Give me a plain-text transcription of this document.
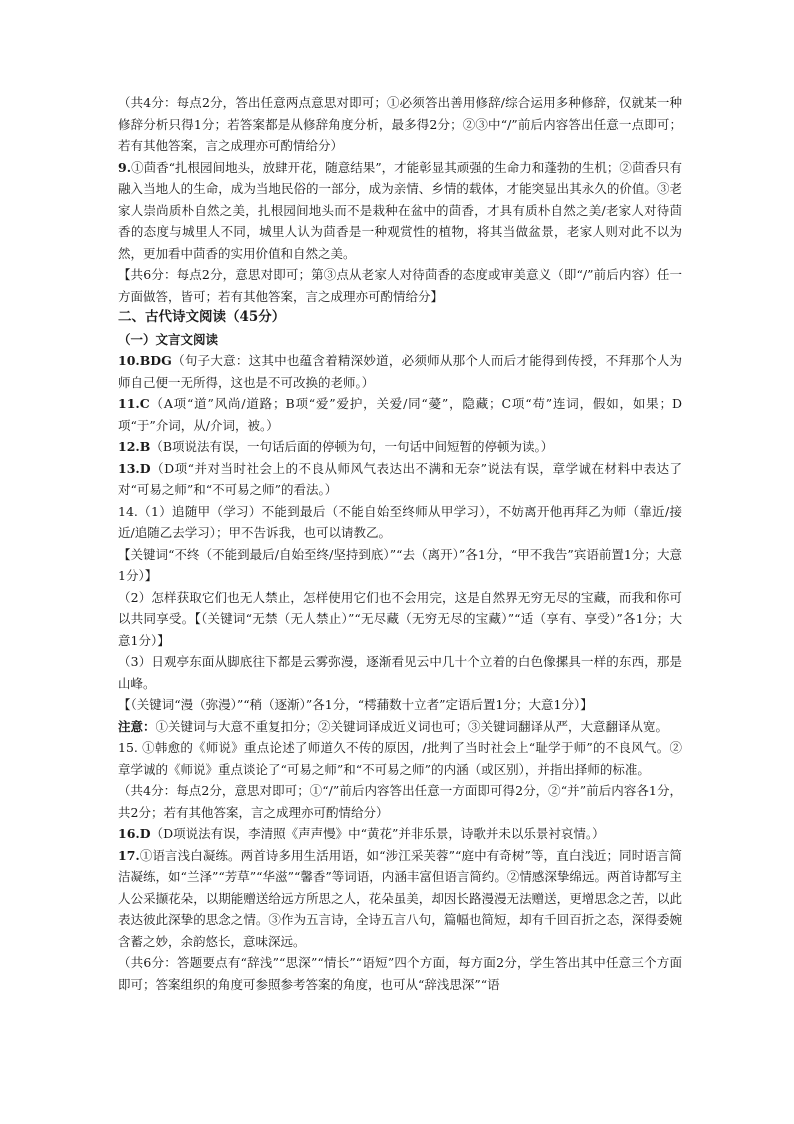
（共4分：每点2分，答出任意两点意思对即可；①必须答出善用修辞/综合运用多种修辞，仅就某一种修辞分析只得1分；若答案都是从修辞角度分析，最多得2分；②③中“/”前后内容答出任意一点即可；若有其他答案，言之成理亦可酌情给分）

9.①茴香“扎根园间地头，放肆开花，随意结果”，才能彰显其顽强的生命力和蓬勃的生机；②茴香只有融入当地人的生命，成为当地民俗的一部分，成为亲情、乡情的载体，才能突显出其永久的价值。③老家人崇尚质朴自然之美，扎根园间地头而不是栽种在盆中的茴香，才具有质朴自然之美/老家人对待茴香的态度与城里人不同，城里人认为茴香是一种观赏性的植物，将其当做盆景，老家人则对此不以为然，更加看中茴香的实用价值和自然之美。

【共6分：每点2分，意思对即可；第③点从老家人对待茴香的态度或审美意义（即“/”前后内容）任一方面做答，皆可；若有其他答案，言之成理亦可酌情给分】

二、古代诗文阅读（45分）

（一）文言文阅读

10.BDG（句子大意：这其中也蕴含着精深妙道，必须师从那个人而后才能得到传授，不拜那个人为师自己便一无所得，这也是不可改换的老师。）

11.C（A项“道”风尚/道路；B项“爱”爱护，关爱/同“薆”，隐藏；C项“苟”连词，假如，如果；D项“于”介词，从/介词，被。）

12.B（B项说法有误，一句话后面的停顿为句，一句话中间短暂的停顿为读。）

13.D（D项“并对当时社会上的不良从师风气表达出不满和无奈”说法有误，章学诚在材料中表达了对“可易之师”和“不可易之师”的看法。）

14.（1）追随甲（学习）不能到最后（不能自始至终师从甲学习），不妨离开他再拜乙为师（靠近/接近/追随乙去学习）；甲不告诉我，也可以请教乙。

【关键词“不终（不能到最后/自始至终/坚持到底）”“去（离开）”各1分，“甲不我告”宾语前置1分；大意1分）】

（2）怎样获取它们也无人禁止，怎样使用它们也不会用完，这是自然界无穷无尽的宝藏，而我和你可以共同享受。【（关键词“无禁（无人禁止）”“无尽藏（无穷无尽的宝藏）”“适（享有、享受）”各1分；大意1分）】

（3）日观亭东面从脚底往下都是云雾弥漫，逐渐看见云中几十个立着的白色像摞具一样的东西，那是山峰。

【（关键词“漫（弥漫）”“稍（逐渐）”各1分，“樗蒱数十立者”定语后置1分；大意1分）】

注意：①关键词与大意不重复扣分；②关键词译成近义词也可；③关键词翻译从严，大意翻译从宽。

15. ①韩愈的《师说》重点论述了师道久不传的原因，/批判了当时社会上“耻学于师”的不良风气。②章学诚的《师说》重点谈论了“可易之师”和“不可易之师”的内涵（或区别），并指出择师的标准。

（共4分：每点2分，意思对即可；①“/”前后内容答出任意一方面即可得2分，②“并”前后内容各1分，共2分；若有其他答案，言之成理亦可酌情给分）

16.D（D项说法有误，李清照《声声慢》中“黄花”并非乐景，诗歌并未以乐景衬哀情。）

17.①语言浅白凝练。两首诗多用生活用语，如“涉江采芙蓉”“庭中有奇树”等，直白浅近；同时语言简洁凝练，如“兰泽”“芳草”“华滋”“馨香”等词语，内涵丰富但语言简约。②情感深挚绵远。两首诗都写主人公采撷花朵，以期能赠送给远方所思之人，花朵虽美，却因长路漫漫无法赠送，更增思念之苦，以此表达彼此深挚的思念之情。③作为五言诗，全诗五言八句，篇幅也简短，却有千回百折之态，深得委婉含蓄之妙，余韵悠长，意味深远。

（共6分：答题要点有“辞浅”“思深”“情长”“语短”四个方面，每方面2分，学生答出其中任意三个方面即可；答案组织的角度可参照参考答案的角度，也可从“辞浅思深”“语
